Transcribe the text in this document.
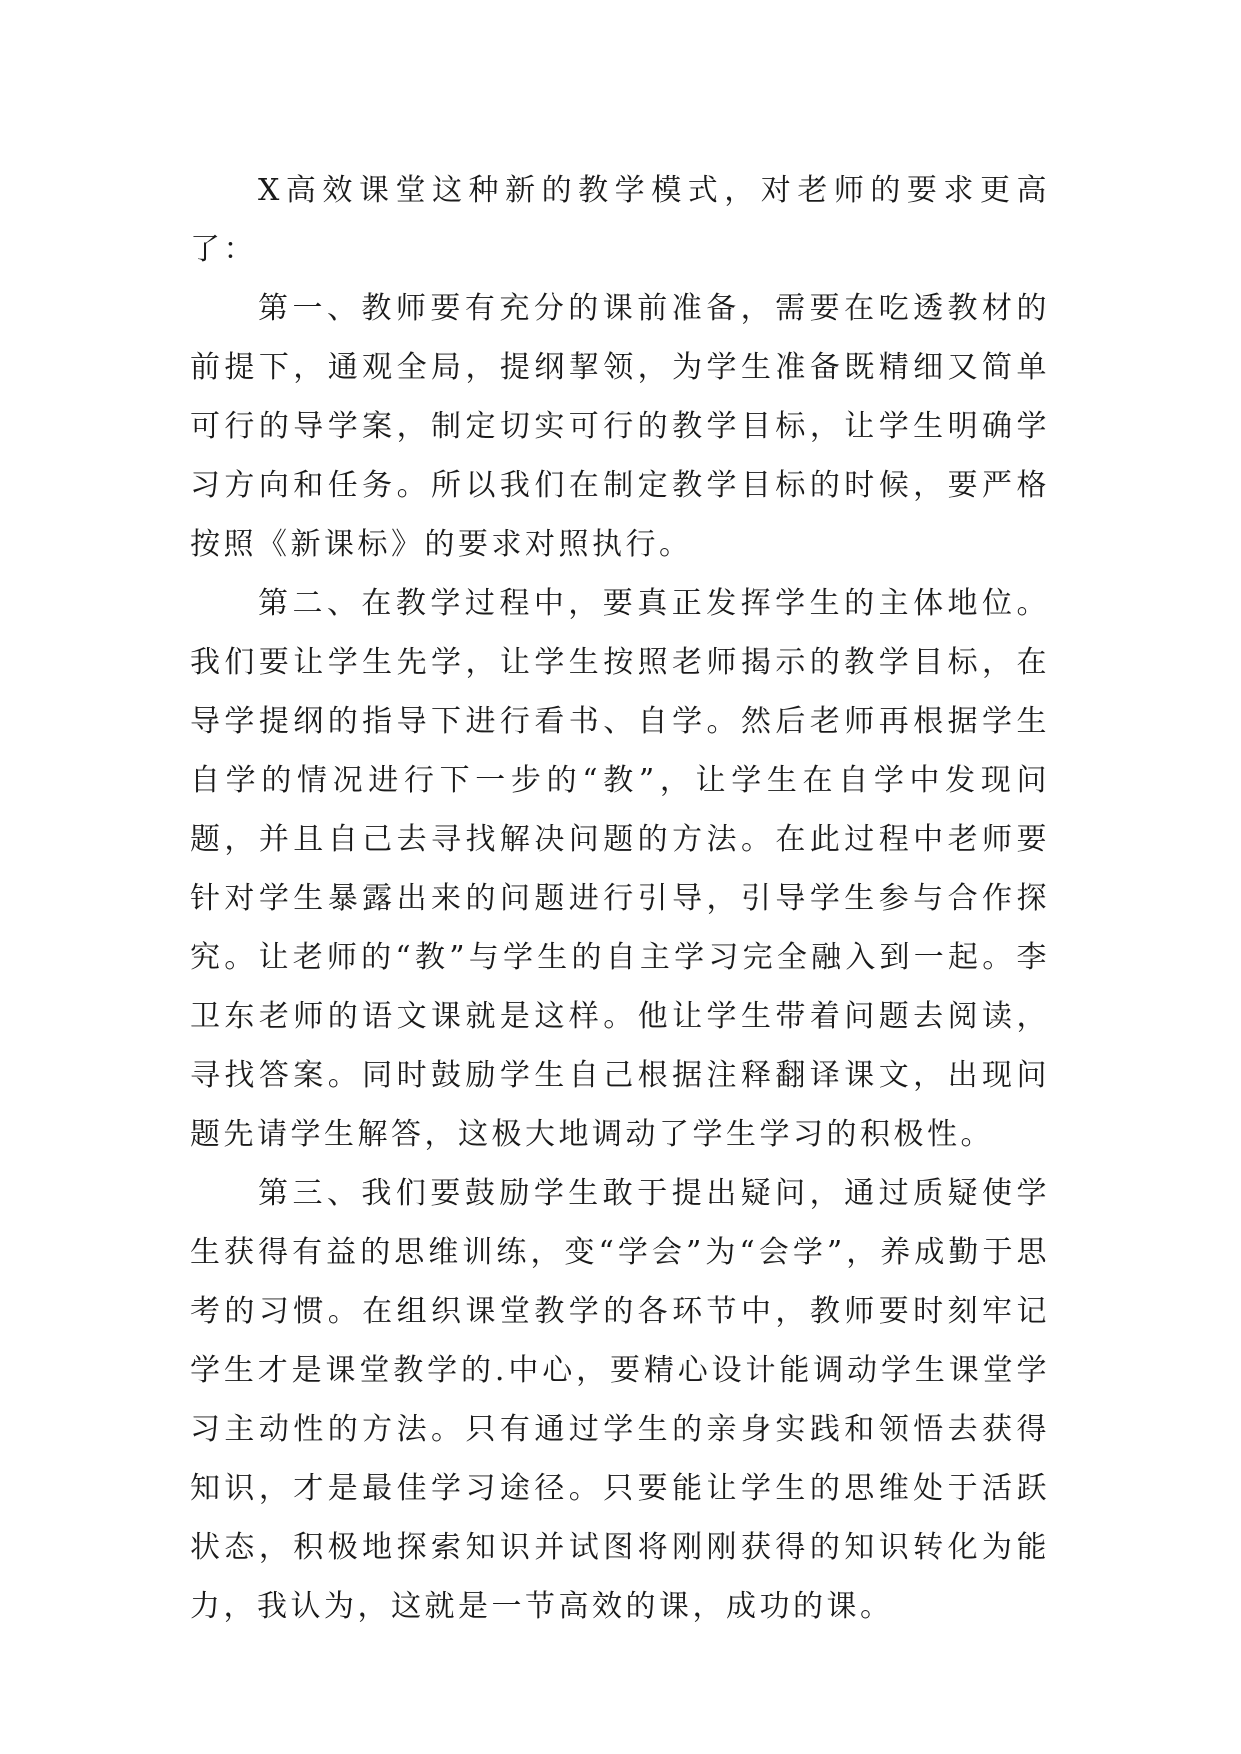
X高效课堂这种新的教学模式，对老师的要求更高了：

第一、教师要有充分的课前准备，需要在吃透教材的前提下，通观全局，提纲挈领，为学生准备既精细又简单可行的导学案，制定切实可行的教学目标，让学生明确学习方向和任务。所以我们在制定教学目标的时候，要严格按照《新课标》的要求对照执行。

第二、在教学过程中，要真正发挥学生的主体地位。我们要让学生先学，让学生按照老师揭示的教学目标，在导学提纲的指导下进行看书、自学。然后老师再根据学生自学的情况进行下一步的“教”，让学生在自学中发现问题，并且自己去寻找解决问题的方法。在此过程中老师要针对学生暴露出来的问题进行引导，引导学生参与合作探究。让老师的“教”与学生的自主学习完全融入到一起。李卫东老师的语文课就是这样。他让学生带着问题去阅读，寻找答案。同时鼓励学生自己根据注释翻译课文，出现问题先请学生解答，这极大地调动了学生学习的积极性。

第三、我们要鼓励学生敢于提出疑问，通过质疑使学生获得有益的思维训练，变“学会”为“会学”，养成勤于思考的习惯。在组织课堂教学的各环节中，教师要时刻牢记学生才是课堂教学的.中心，要精心设计能调动学生课堂学习主动性的方法。只有通过学生的亲身实践和领悟去获得知识，才是最佳学习途径。只要能让学生的思维处于活跃状态，积极地探索知识并试图将刚刚获得的知识转化为能力，我认为，这就是一节高效的课，成功的课。
